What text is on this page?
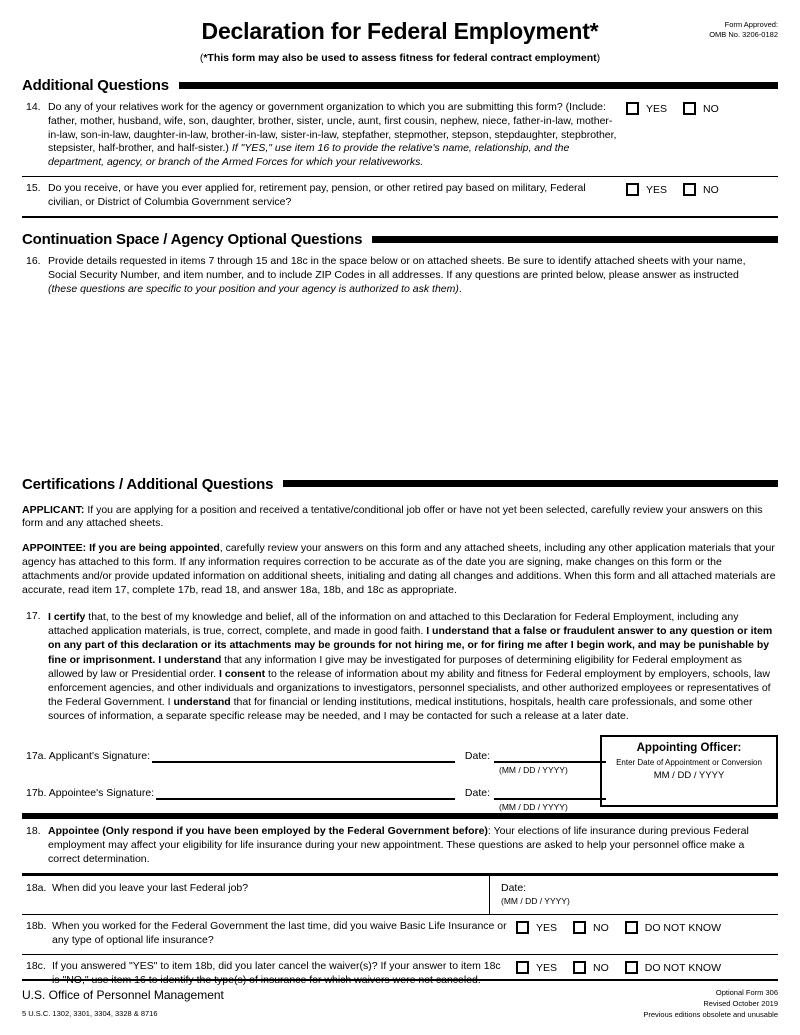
Form Approved:
OMB No. 3206-0182
Declaration for Federal Employment*
(*This form may also be used to assess fitness for federal contract employment)
Additional Questions
14. Do any of your relatives work for the agency or government organization to which you are submitting this form? (Include: father, mother, husband, wife, son, daughter, brother, sister, uncle, aunt, first cousin, nephew, niece, father-in-law, mother-in-law, son-in-law, daughter-in-law, brother-in-law, sister-in-law, stepfather, stepmother, stepson, stepdaughter, stepbrother, stepsister, half-brother, and half-sister.) If "YES," use item 16 to provide the relative's name, relationship, and the department, agency, or branch of the Armed Forces for which your relativeworks.
YES	NO
15. Do you receive, or have you ever applied for, retirement pay, pension, or other retired pay based on military, Federal civilian, or District of Columbia Government service?
YES	NO
Continuation Space / Agency Optional Questions
16. Provide details requested in items 7 through 15 and 18c in the space below or on attached sheets. Be sure to identify attached sheets with your name, Social Security Number, and item number, and to include ZIP Codes in all addresses. If any questions are printed below, please answer as instructed (these questions are specific to your position and your agency is authorized to ask them).
Certifications / Additional Questions
APPLICANT: If you are applying for a position and received a tentative/conditional job offer or have not yet been selected, carefully review your answers on this form and any attached sheets.
APPOINTEE: If you are being appointed, carefully review your answers on this form and any attached sheets, including any other application materials that your agency has attached to this form. If any information requires correction to be accurate as of the date you are signing, make changes on this form or the attachments and/or provide updated information on additional sheets, initialing and dating all changes and additions. When this form and all attached materials are accurate, read item 17, complete 17b, read 18, and answer 18a, 18b, and 18c as appropriate.
17. I certify that, to the best of my knowledge and belief, all of the information on and attached to this Declaration for Federal Employment, including any attached application materials, is true, correct, complete, and made in good faith. I understand that a false or fraudulent answer to any question or item on any part of this declaration or its attachments may be grounds for not hiring me, or for firing me after I begin work, and may be punishable by fine or imprisonment. I understand that any information I give may be investigated for purposes of determining eligibility for Federal employment as allowed by law or Presidential order. I consent to the release of information about my ability and fitness for Federal employment by employers, schools, law enforcement agencies, and other individuals and organizations to investigators, personnel specialists, and other authorized employees or representatives of the Federal Government. I understand that for financial or lending institutions, medical institutions, hospitals, health care professionals, and some other sources of information, a separate specific release may be needed, and I may be contacted for such a release at a later date.
17a. Applicant's Signature:	Date:
(MM / DD / YYYY)
17b. Appointee's Signature:	Date:
(MM / DD / YYYY)
Appointing Officer:
Enter Date of Appointment or Conversion
MM / DD / YYYY
18. Appointee (Only respond if you have been employed by the Federal Government before): Your elections of life insurance during previous Federal employment may affect your eligibility for life insurance during your new appointment. These questions are asked to help your personnel office make a correct determination.
18a. When did you leave your last Federal job?	Date:
(MM / DD / YYYY)
18b. When you worked for the Federal Government the last time, did you waive Basic Life Insurance or any type of optional life insurance?
YES	NO	DO NOT KNOW
18c. If you answered "YES" to item 18b, did you later cancel the waiver(s)? If your answer to item 18c	YES	NO	DO NOT KNOW
U.S. Office of Personnel Management
5 U.S.C. 1302, 3301, 3304, 3328 & 8716
Optional Form 306
Revised October 2019
Previous editions obsolete and unusable
